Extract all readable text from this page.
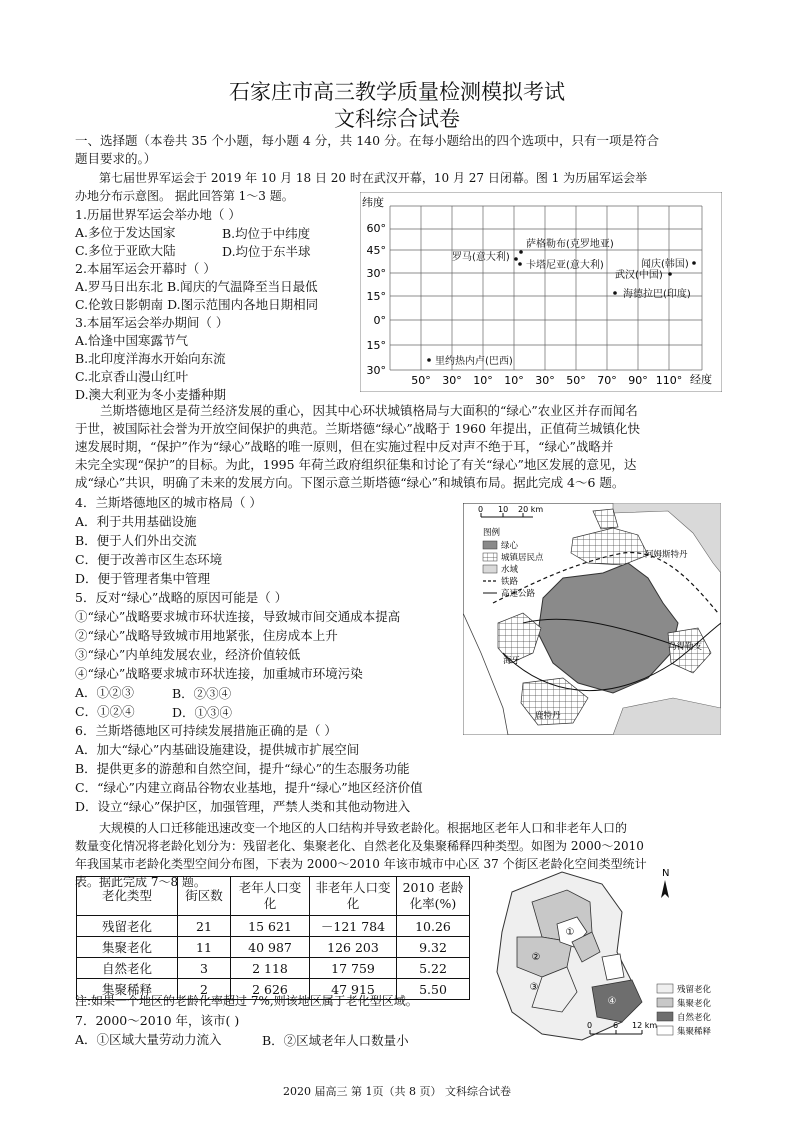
石家庄市高三教学质量检测模拟考试
文科综合试卷
一、选择题（本卷共 35 个小题，每小题 4 分，共 140 分。在每小题给出的四个选项中，只有一项是符合
题目要求的。）
第七届世界军运会于 2019 年 10 月 18 日 20 时在武汉开幕，10 月 27 日闭幕。图 1 为历届军运会举
办地分布示意图。 据此回答第 1～3 题。
1.历届世界军运会举办地（ ）
A.多位于发达国家	B.均位于中纬度
C.多位于亚欧大陆	D.均位于东半球
2.本届军运会开幕时（ ）
A.罗马日出东北 B.闻庆的气温降至当日最低
C.伦敦日影朝南 D.图示范围内各地日期相同
3.本届军运会举办期间（ ）
A.恰逢中国寒露节气
B.北印度洋海水开始向东流
C.北京香山漫山红叶
D.澳大利亚为冬小麦播种期
纬度
经度
60°
45°
30°
15°
0°
15°
30°
50° 30° 10° 10° 30° 50° 70° 90° 110°
萨格勒布(克罗地亚)
罗马(意大利)
卡塔尼亚(意大利)	闻庆(韩国)
武汉(中国)
海德拉巴(印度)
里约热内卢(巴西)
兰斯塔德地区是荷兰经济发展的重心，因其中心环状城镇格局与大面积的“绿心”农业区并存而闻名
于世，被国际社会誉为开放空间保护的典范。兰斯塔德“绿心”战略于 1960 年提出，正值荷兰城镇化快
速发展时期，“保护”作为“绿心”战略的唯一原则，但在实施过程中反对声不绝于耳，“绿心”战略并
未完全实现“保护”的目标。为此，1995 年荷兰政府组织征集和讨论了有关“绿心”地区发展的意见，达
成“绿心”共识，明确了未来的发展方向。下图示意兰斯塔德“绿心”和城镇布局。据此完成 4～6 题。
4．兰斯塔德地区的城市格局（ ）
A．利于共用基础设施
B．便于人们外出交流
C．便于改善市区生态环境
D．便于管理者集中管理
5．反对“绿心”战略的原因可能是（ ）
①“绿心”战略要求城市环状连接，导致城市间交通成本提高
②“绿心”战略导致城市用地紧张，住房成本上升
③“绿心”内单纯发展农业，经济价值较低
④“绿心”战略要求城市环状连接，加重城市环境污染
A．①②③	B．②③④
C．①②④	D．①③④
0 10 20 km
图例
绿心
城镇居民点
水域
铁路
高速公路
阿姆斯特丹
海牙
乌得勒支
鹿特丹
6．兰斯塔德地区可持续发展措施正确的是（ ）
A．加大“绿心”内基础设施建设，提供城市扩展空间
B．提供更多的游憩和自然空间，提升“绿心”的生态服务功能
C．“绿心”内建立商品谷物农业基地，提升“绿心”地区经济价值
D．设立“绿心”保护区，加强管理，严禁人类和其他动物进入
大规模的人口迁移能迅速改变一个地区的人口结构并导致老龄化。根据地区老年人口和非老年人口的
数量变化情况将老龄化划分为：残留老化、集聚老化、自然老化及集聚稀释四种类型。如图为 2000～2010
年我国某市老龄化类型空间分布图，下表为 2000～2010 年该市城市中心区 37 个街区老龄化空间类型统计
表。据此完成 7～8 题。
老化类型	街区数	老年人口变化	非老年人口变化	2010 老龄化率(%)
残留老化	21	15 621	－121 784	10.26
集聚老化	11	40 987	126 203	9.32
自然老化	3	2 118	17 759	5.22
集聚稀释	2	2 626	47 915	5.50
注:如果一个地区的老龄化率超过 7%,则该地区属于老化型区域。
7．2000～2010 年，该市( )
A．①区域大量劳动力流入	B．②区域老年人口数量小
①
②
③
④
N
残留老化
集聚老化
自然老化
集聚稀释
0	6 12 km
2020 届高三 第 1页（共 8 页） 文科综合试卷
